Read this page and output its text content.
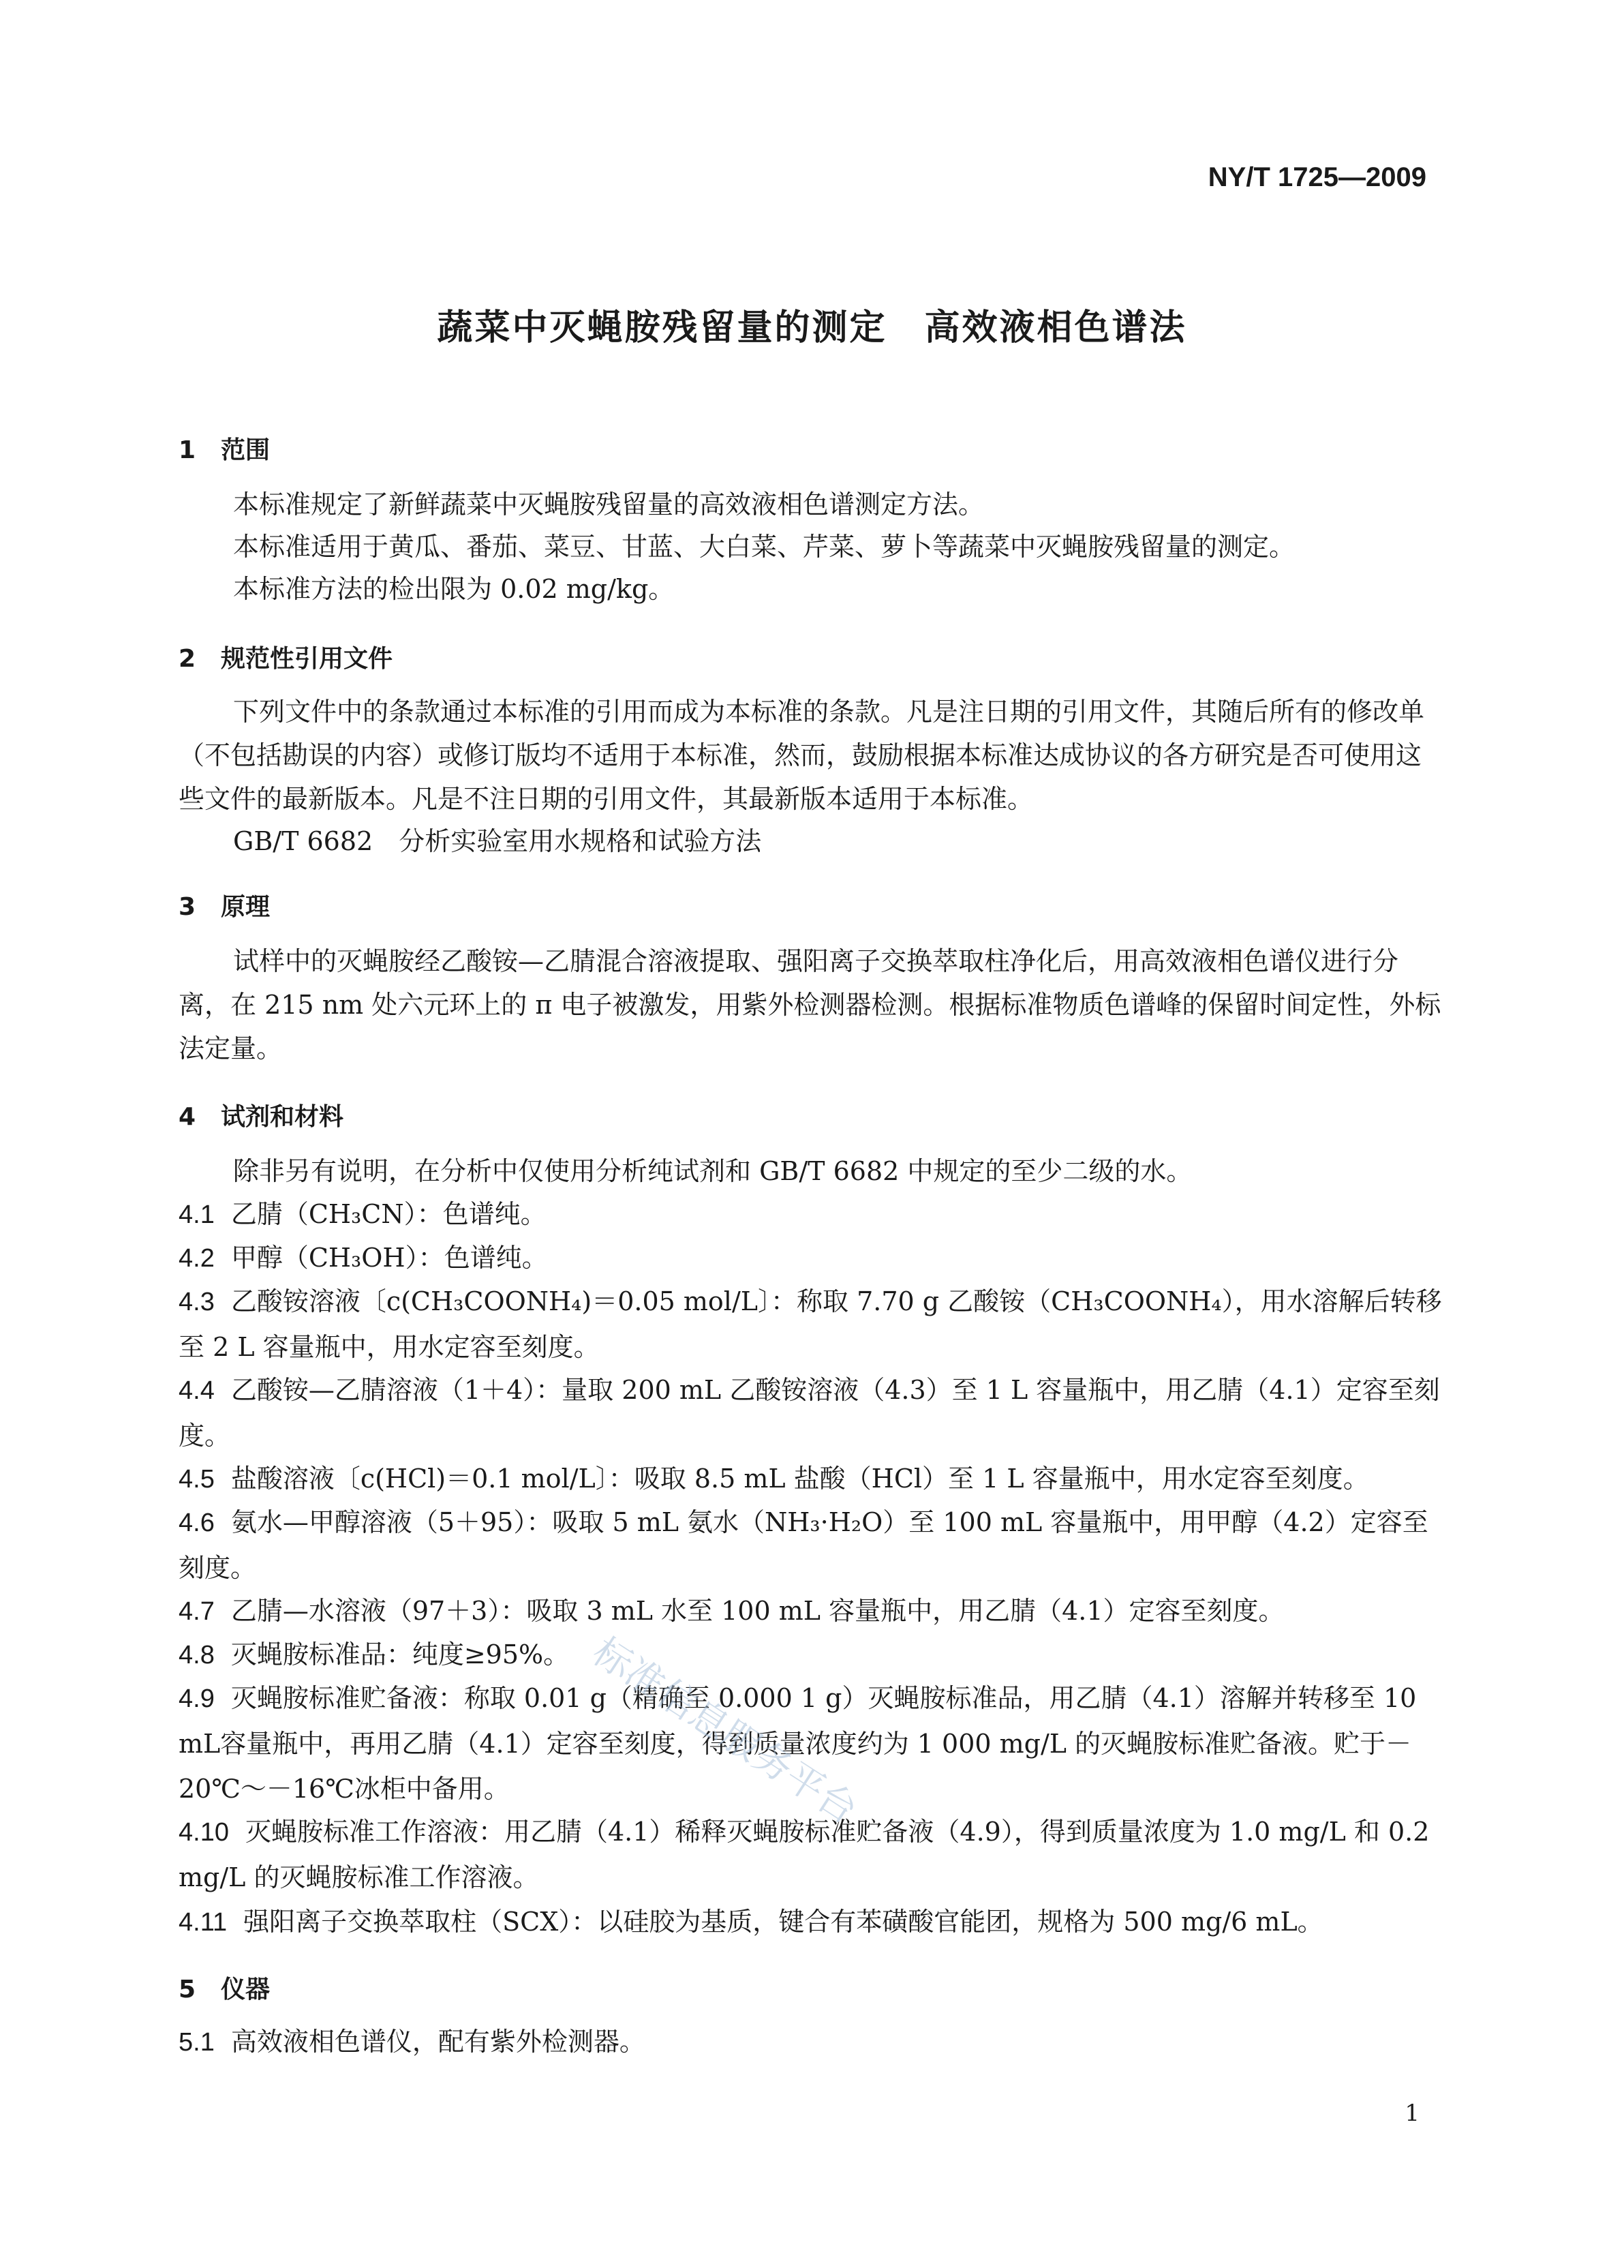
NY/T 1725—2009
蔬菜中灭蝇胺残留量的测定　高效液相色谱法
1 范围
本标准规定了新鲜蔬菜中灭蝇胺残留量的高效液相色谱测定方法。
本标准适用于黄瓜、番茄、菜豆、甘蓝、大白菜、芹菜、萝卜等蔬菜中灭蝇胺残留量的测定。
本标准方法的检出限为 0.02 mg/kg。
2 规范性引用文件
下列文件中的条款通过本标准的引用而成为本标准的条款。凡是注日期的引用文件，其随后所有的修改单（不包括勘误的内容）或修订版均不适用于本标准，然而，鼓励根据本标准达成协议的各方研究是否可使用这些文件的最新版本。凡是不注日期的引用文件，其最新版本适用于本标准。
GB/T 6682　分析实验室用水规格和试验方法
3 原理
试样中的灭蝇胺经乙酸铵—乙腈混合溶液提取、强阳离子交换萃取柱净化后，用高效液相色谱仪进行分离，在 215 nm 处六元环上的 π 电子被激发，用紫外检测器检测。根据标准物质色谱峰的保留时间定性，外标法定量。
4 试剂和材料
除非另有说明，在分析中仅使用分析纯试剂和 GB/T 6682 中规定的至少二级的水。
4.1 乙腈（CH₃CN）：色谱纯。
4.2 甲醇（CH₃OH）：色谱纯。
4.3 乙酸铵溶液〔c(CH₃COONH₄)＝0.05 mol/L〕：称取 7.70 g 乙酸铵（CH₃COONH₄），用水溶解后转移至 2 L 容量瓶中，用水定容至刻度。
4.4 乙酸铵—乙腈溶液（1＋4）：量取 200 mL 乙酸铵溶液（4.3）至 1 L 容量瓶中，用乙腈（4.1）定容至刻度。
4.5 盐酸溶液〔c(HCl)＝0.1 mol/L〕：吸取 8.5 mL 盐酸（HCl）至 1 L 容量瓶中，用水定容至刻度。
4.6 氨水—甲醇溶液（5＋95）：吸取 5 mL 氨水（NH₃·H₂O）至 100 mL 容量瓶中，用甲醇（4.2）定容至刻度。
4.7 乙腈—水溶液（97＋3）：吸取 3 mL 水至 100 mL 容量瓶中，用乙腈（4.1）定容至刻度。
4.8 灭蝇胺标准品：纯度≥95%。
4.9 灭蝇胺标准贮备液：称取 0.01 g（精确至 0.000 1 g）灭蝇胺标准品，用乙腈（4.1）溶解并转移至 10 mL容量瓶中，再用乙腈（4.1）定容至刻度，得到质量浓度约为 1 000 mg/L 的灭蝇胺标准贮备液。贮于－20℃～－16℃冰柜中备用。
4.10 灭蝇胺标准工作溶液：用乙腈（4.1）稀释灭蝇胺标准贮备液（4.9），得到质量浓度为 1.0 mg/L 和 0.2 mg/L 的灭蝇胺标准工作溶液。
4.11 强阳离子交换萃取柱（SCX）：以硅胶为基质，键合有苯磺酸官能团，规格为 500 mg/6 mL。
5 仪器
5.1 高效液相色谱仪，配有紫外检测器。
标准信息服务平台
1
